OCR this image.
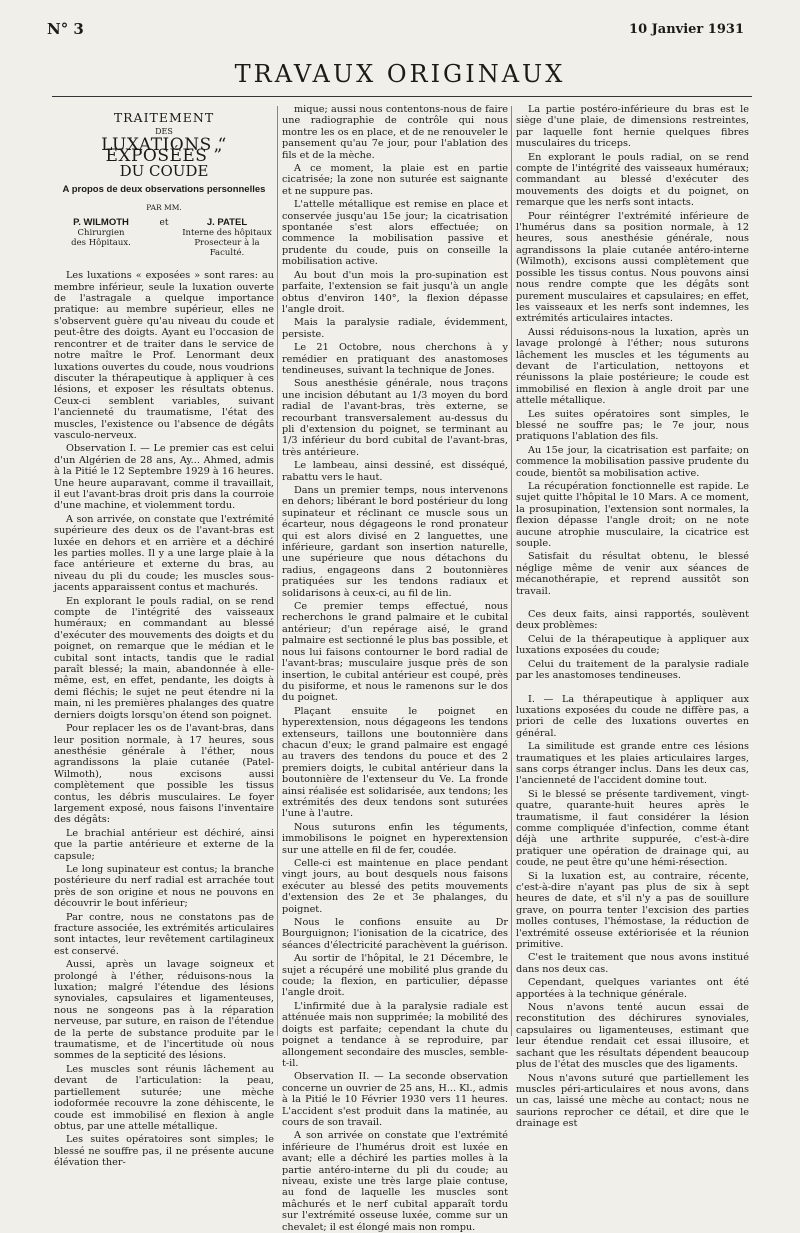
N° 3	10 Janvier 1931
TRAVAUX ORIGINAUX
TRAITEMENT
DES
LUXATIONS “ EXPOSÉES ”
DU COUDE
A propos de deux observations personnelles
PAR MM.
P. WILMOTH
Chirurgien
des Hôpitaux.
et	J. PATEL
Interne des hôpitaux
Prosecteur à la Faculté.

Les luxations « exposées » sont rares: au membre inférieur, seule la luxation ouverte de l'astragale a quelque importance pratique: au membre supérieur, elles ne s'observent guère qu'au niveau du coude et peut-être des doigts. Ayant eu l'occasion de rencontrer et de traiter dans le service de notre maître le Prof. Lenormant deux luxations ouvertes du coude, nous voudrions discuter la thérapeutique à appliquer à ces lésions, et exposer les résultats obtenus. Ceux-ci semblent variables, suivant l'ancienneté du traumatisme, l'état des muscles, l'existence ou l'absence de dégâts vasculo-nerveux.

Observation I. — Le premier cas est celui d'un Algérien de 28 ans, Ay... Ahmed, admis à la Pitié le 12 Septembre 1929 à 16 heures. Une heure auparavant, comme il travaillait, il eut l'avant-bras droit pris dans la courroie d'une machine, et violemment tordu.

A son arrivée, on constate que l'extrémité supérieure des deux os de l'avant-bras est luxée en dehors et en arrière et a déchiré les parties molles. Il y a une large plaie à la face antérieure et externe du bras, au niveau du pli du coude; les muscles sous-jacents apparaissent contus et machurés.

En explorant le pouls radial, on se rend compte de l'intégrité des vaisseaux huméraux; en commandant au blessé d'exécuter des mouvements des doigts et du poignet, on remarque que le médian et le cubital sont intacts, tandis que le radial paraît blessé; la main, abandonnée à elle-même, est, en effet, pendante, les doigts à demi fléchis; le sujet ne peut étendre ni la main, ni les premières phalanges des quatre derniers doigts lorsqu'on étend son poignet.

Pour replacer les os de l'avant-bras, dans leur position normale, à 17 heures, sous anesthésie générale à l'éther, nous agrandissons la plaie cutanée (Patel-Wilmoth), nous excisons aussi complètement que possible les tissus contus, les débris musculaires. Le foyer largement exposé, nous faisons l'inventaire des dégâts:

Le brachial antérieur est déchiré, ainsi que la partie antérieure et externe de la capsule;

Le long supinateur est contus; la branche postérieure du nerf radial est arrachée tout près de son origine et nous ne pouvons en découvrir le bout inférieur;

Par contre, nous ne constatons pas de fracture associée, les extrémités articulaires sont intactes, leur revêtement cartilagineux est conservé.

Aussi, après un lavage soigneux et prolongé à l'éther, réduisons-nous la luxation; malgré l'étendue des lésions synoviales, capsulaires et ligamenteuses, nous ne songeons pas à la réparation nerveuse, par suture, en raison de l'étendue de la perte de substance produite par le traumatisme, et de l'incertitude où nous sommes de la septicité des lésions.

Les muscles sont réunis lâchement au devant de l'articulation: la peau, partiellement suturée; une mèche iodoformée recouvre la zone déhiscente, le coude est immobilisé en flexion à angle obtus, par une attelle métallique.

Les suites opératoires sont simples; le blessé ne souffre pas, il ne présente aucune élévation ther-

mique; aussi nous contentons-nous de faire une radiographie de contrôle qui nous montre les os en place, et de ne renouveler le pansement qu'au 7e jour, pour l'ablation des fils et de la mèche.

A ce moment, la plaie est en partie cicatrisée; la zone non suturée est saignante et ne suppure pas.

L'attelle métallique est remise en place et conservée jusqu'au 15e jour; la cicatrisation spontanée s'est alors effectuée; on commence la mobilisation passive et prudente du coude, puis on conseille la mobilisation active.

Au bout d'un mois la pro-supination est parfaite, l'extension se fait jusqu'à un angle obtus d'environ 140°, la flexion dépasse l'angle droit.

Mais la paralysie radiale, évidemment, persiste.

Le 21 Octobre, nous cherchons à y remédier en pratiquant des anastomoses tendineuses, suivant la technique de Jones.

Sous anesthésie générale, nous traçons une incision débutant au 1/3 moyen du bord radial de l'avant-bras, très externe, se recourbant transversalement au-dessus du pli d'extension du poignet, se terminant au 1/3 inférieur du bord cubital de l'avant-bras, très antérieure.

Le lambeau, ainsi dessiné, est disséqué, rabattu vers le haut.

Dans un premier temps, nous intervenons en dehors; libérant le bord postérieur du long supinateur et réclinant ce muscle sous un écarteur, nous dégageons le rond pronateur qui est alors divisé en 2 languettes, une inférieure, gardant son insertion naturelle, une supérieure que nous détachons du radius, engageons dans 2 boutonnières pratiquées sur les tendons radiaux et solidarisons à ceux-ci, au fil de lin.

Ce premier temps effectué, nous recherchons le grand palmaire et le cubital antérieur; d'un repérage aisé, le grand palmaire est sectionné le plus bas possible, et nous lui faisons contourner le bord radial de l'avant-bras; musculaire jusque près de son insertion, le cubital antérieur est coupé, près du pisiforme, et nous le ramenons sur le dos du poignet.

Plaçant ensuite le poignet en hyperextension, nous dégageons les tendons extenseurs, taillons une boutonnière dans chacun d'eux; le grand palmaire est engagé au travers des tendons du pouce et des 2 premiers doigts, le cubital antérieur dans la boutonnière de l'extenseur du Ve. La fronde ainsi réalisée est solidarisée, aux tendons; les extrémités des deux tendons sont suturées l'une à l'autre.

Nous suturons enfin les téguments, immobilisons le poignet en hyperextension sur une attelle en fil de fer, coudée.

Celle-ci est maintenue en place pendant vingt jours, au bout desquels nous faisons exécuter au blessé des petits mouvements d'extension des 2e et 3e phalanges, du poignet.

Nous le confions ensuite au Dr Bourguignon; l'ionisation de la cicatrice, des séances d'électricité parachèvent la guérison.

Au sortir de l'hôpital, le 21 Décembre, le sujet a récupéré une mobilité plus grande du coude; la flexion, en particulier, dépasse l'angle droit.

L'infirmité due à la paralysie radiale est atténuée mais non supprimée; la mobilité des doigts est parfaite; cependant la chute du poignet a tendance à se reproduire, par allongement secondaire des muscles, semble-t-il.

Observation II. — La seconde observation concerne un ouvrier de 25 ans, H... Kl., admis à la Pitié le 10 Février 1930 vers 11 heures. L'accident s'est produit dans la matinée, au cours de son travail.

A son arrivée on constate que l'extrémité inférieure de l'humérus droit est luxée en avant; elle a déchiré les parties molles à la partie antéro-interne du pli du coude; au niveau, existe une très large plaie contuse, au fond de laquelle les muscles sont mâchurés et le nerf cubital apparaît tordu sur l'extrémité osseuse luxée, comme sur un chevalet; il est élongé mais non rompu.

La partie postéro-inférieure du bras est le siège d'une plaie, de dimensions restreintes, par laquelle font hernie quelques fibres musculaires du triceps.

En explorant le pouls radial, on se rend compte de l'intégrité des vaisseaux huméraux; commandant au blessé d'exécuter des mouvements des doigts et du poignet, on remarque que les nerfs sont intacts.

Pour réintégrer l'extrémité inférieure de l'humérus dans sa position normale, à 12 heures, sous anesthésie générale, nous agrandissons la plaie cutanée antéro-interne (Wilmoth), excisons aussi complètement que possible les tissus contus. Nous pouvons ainsi nous rendre compte que les dégâts sont purement musculaires et capsulaires; en effet, les vaisseaux et les nerfs sont indemnes, les extrémités articulaires intactes.

Aussi réduisons-nous la luxation, après un lavage prolongé à l'éther; nous suturons lâchement les muscles et les téguments au devant de l'articulation, nettoyons et réunissons la plaie postérieure; le coude est immobilisé en flexion à angle droit par une attelle métallique.

Les suites opératoires sont simples, le blessé ne souffre pas; le 7e jour, nous pratiquons l'ablation des fils.

Au 15e jour, la cicatrisation est parfaite; on commence la mobilisation passive prudente du coude, bientôt sa mobilisation active.

La récupération fonctionnelle est rapide. Le sujet quitte l'hôpital le 10 Mars. A ce moment, la prosupination, l'extension sont normales, la flexion dépasse l'angle droit; on ne note aucune atrophie musculaire, la cicatrice est souple.

Satisfait du résultat obtenu, le blessé néglige même de venir aux séances de mécanothérapie, et reprend aussitôt son travail.

Ces deux faits, ainsi rapportés, soulèvent deux problèmes:

Celui de la thérapeutique à appliquer aux luxations exposées du coude;

Celui du traitement de la paralysie radiale par les anastomoses tendineuses.

I. — La thérapeutique à appliquer aux luxations exposées du coude ne diffère pas, a priori de celle des luxations ouvertes en général.

La similitude est grande entre ces lésions traumatiques et les plaies articulaires larges, sans corps étranger inclus. Dans les deux cas, l'ancienneté de l'accident domine tout.

Si le blessé se présente tardivement, vingt-quatre, quarante-huit heures après le traumatisme, il faut considérer la lésion comme compliquée d'infection, comme étant déjà une arthrite suppurée, c'est-à-dire pratiquer une opération de drainage qui, au coude, ne peut être qu'une hémi-résection.

Si la luxation est, au contraire, récente, c'est-à-dire n'ayant pas plus de six à sept heures de date, et s'il n'y a pas de souillure grave, on pourra tenter l'excision des parties molles contuses, l'hémostase, la réduction de l'extrémité osseuse extériorisée et la réunion primitive.

C'est le traitement que nous avons institué dans nos deux cas.

Cependant, quelques variantes ont été apportées à la technique générale.

Nous n'avons tenté aucun essai de reconstitution des déchirures synoviales, capsulaires ou ligamenteuses, estimant que leur étendue rendait cet essai illusoire, et sachant que les résultats dépendent beaucoup plus de l'état des muscles que des ligaments.

Nous n'avons suturé que partiellement les muscles péri-articulaires et nous avons, dans un cas, laissé une mèche au contact; nous ne saurions reprocher ce détail, et dire que le drainage est
